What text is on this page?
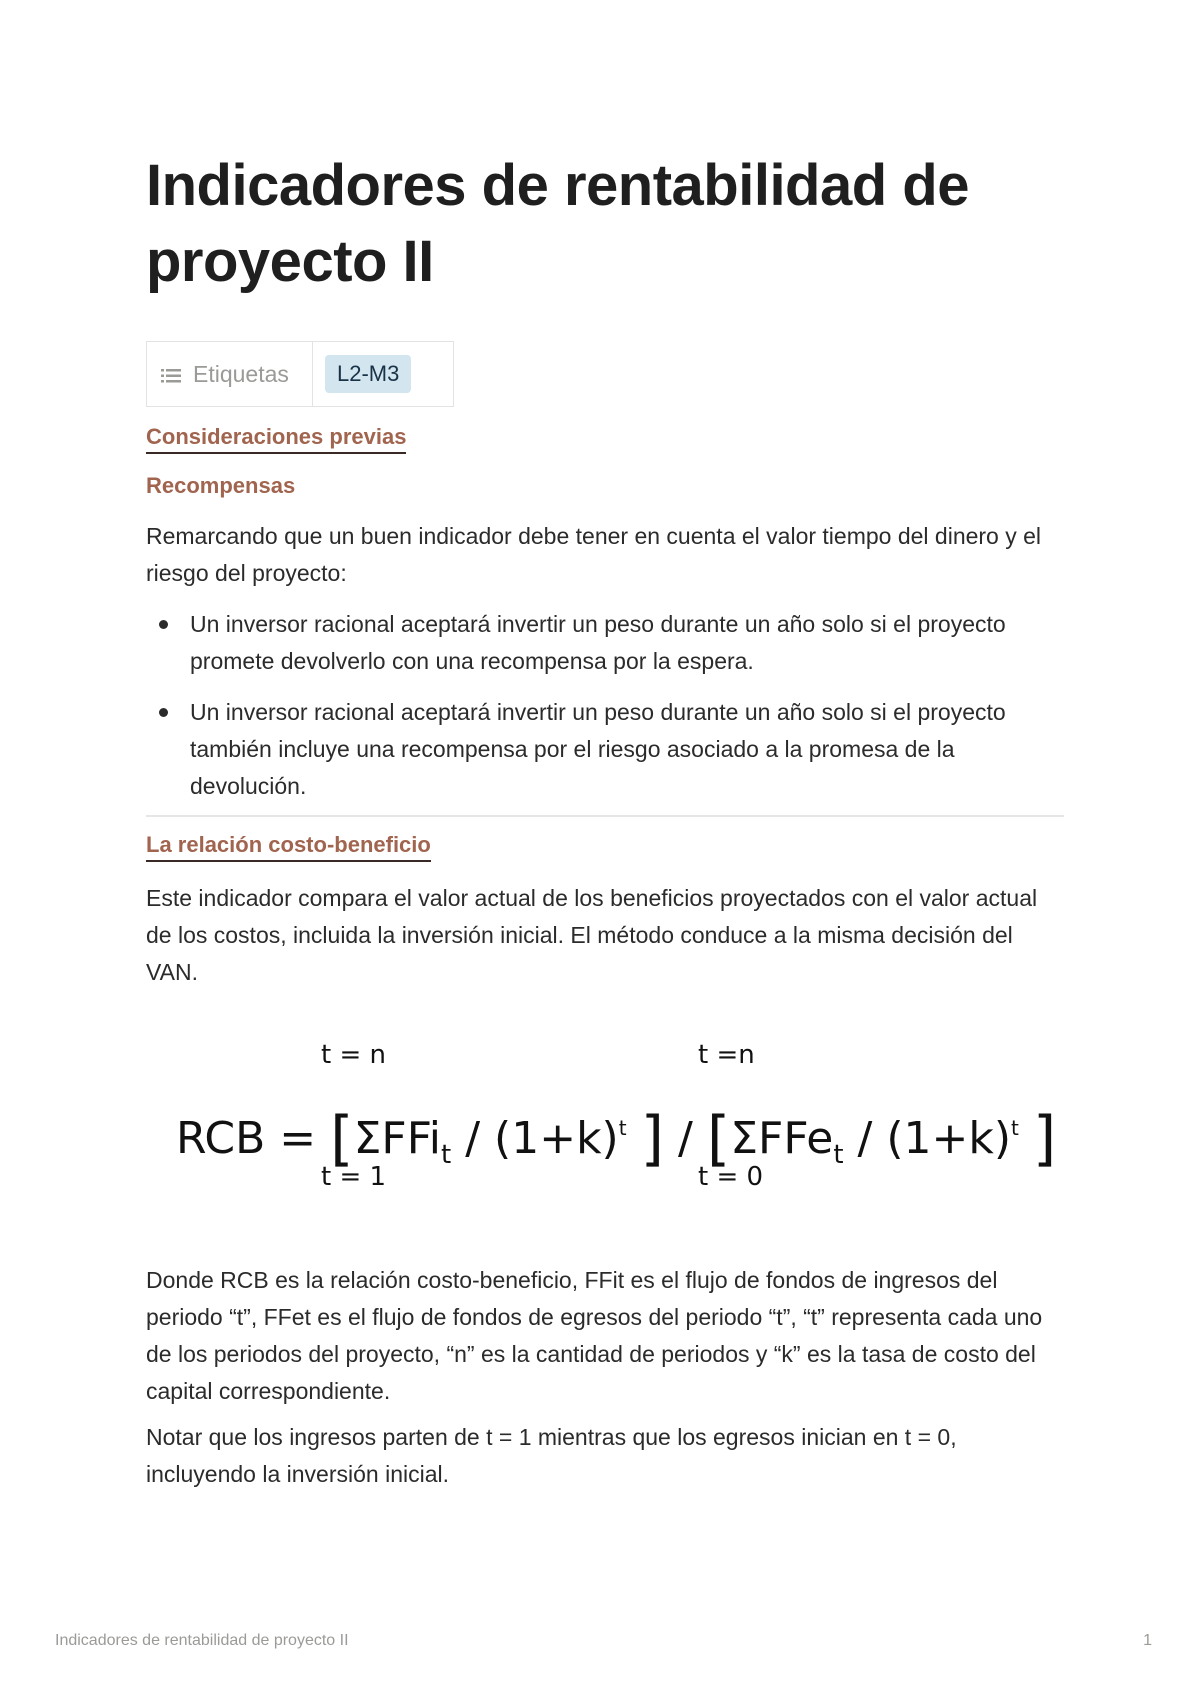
Indicadores de rentabilidad de proyecto II
Etiquetas	L2-M3
Consideraciones previas
Recompensas

Remarcando que un buen indicador debe tener en cuenta el valor tiempo del dinero y el riesgo del proyecto:

Un inversor racional aceptará invertir un peso durante un año solo si el proyecto promete devolverlo con una recompensa por la espera.
Un inversor racional aceptará invertir un peso durante un año solo si el proyecto también incluye una recompensa por el riesgo asociado a la promesa de la devolución.
La relación costo-beneficio

Este indicador compara el valor actual de los beneficios proyectados con el valor actual de los costos, incluida la inversión inicial. El método conduce a la misma decisión del VAN.

t = n	t =n
RCB = [$\Sigma FFi_t / (1+k)^t$ ] / [$\Sigma FFe_t / (1+k)^t$ ]
t = 1	t = 0

Donde RCB es la relación costo-beneficio, FFit es el flujo de fondos de ingresos del periodo “t”, FFet es el flujo de fondos de egresos del periodo “t”, “t” representa cada uno de los periodos del proyecto, “n” es la cantidad de periodos y “k” es la tasa de costo del capital correspondiente.

Notar que los ingresos parten de t = 1 mientras que los egresos inician en t = 0, incluyendo la inversión inicial.

Indicadores de rentabilidad de proyecto II	1
